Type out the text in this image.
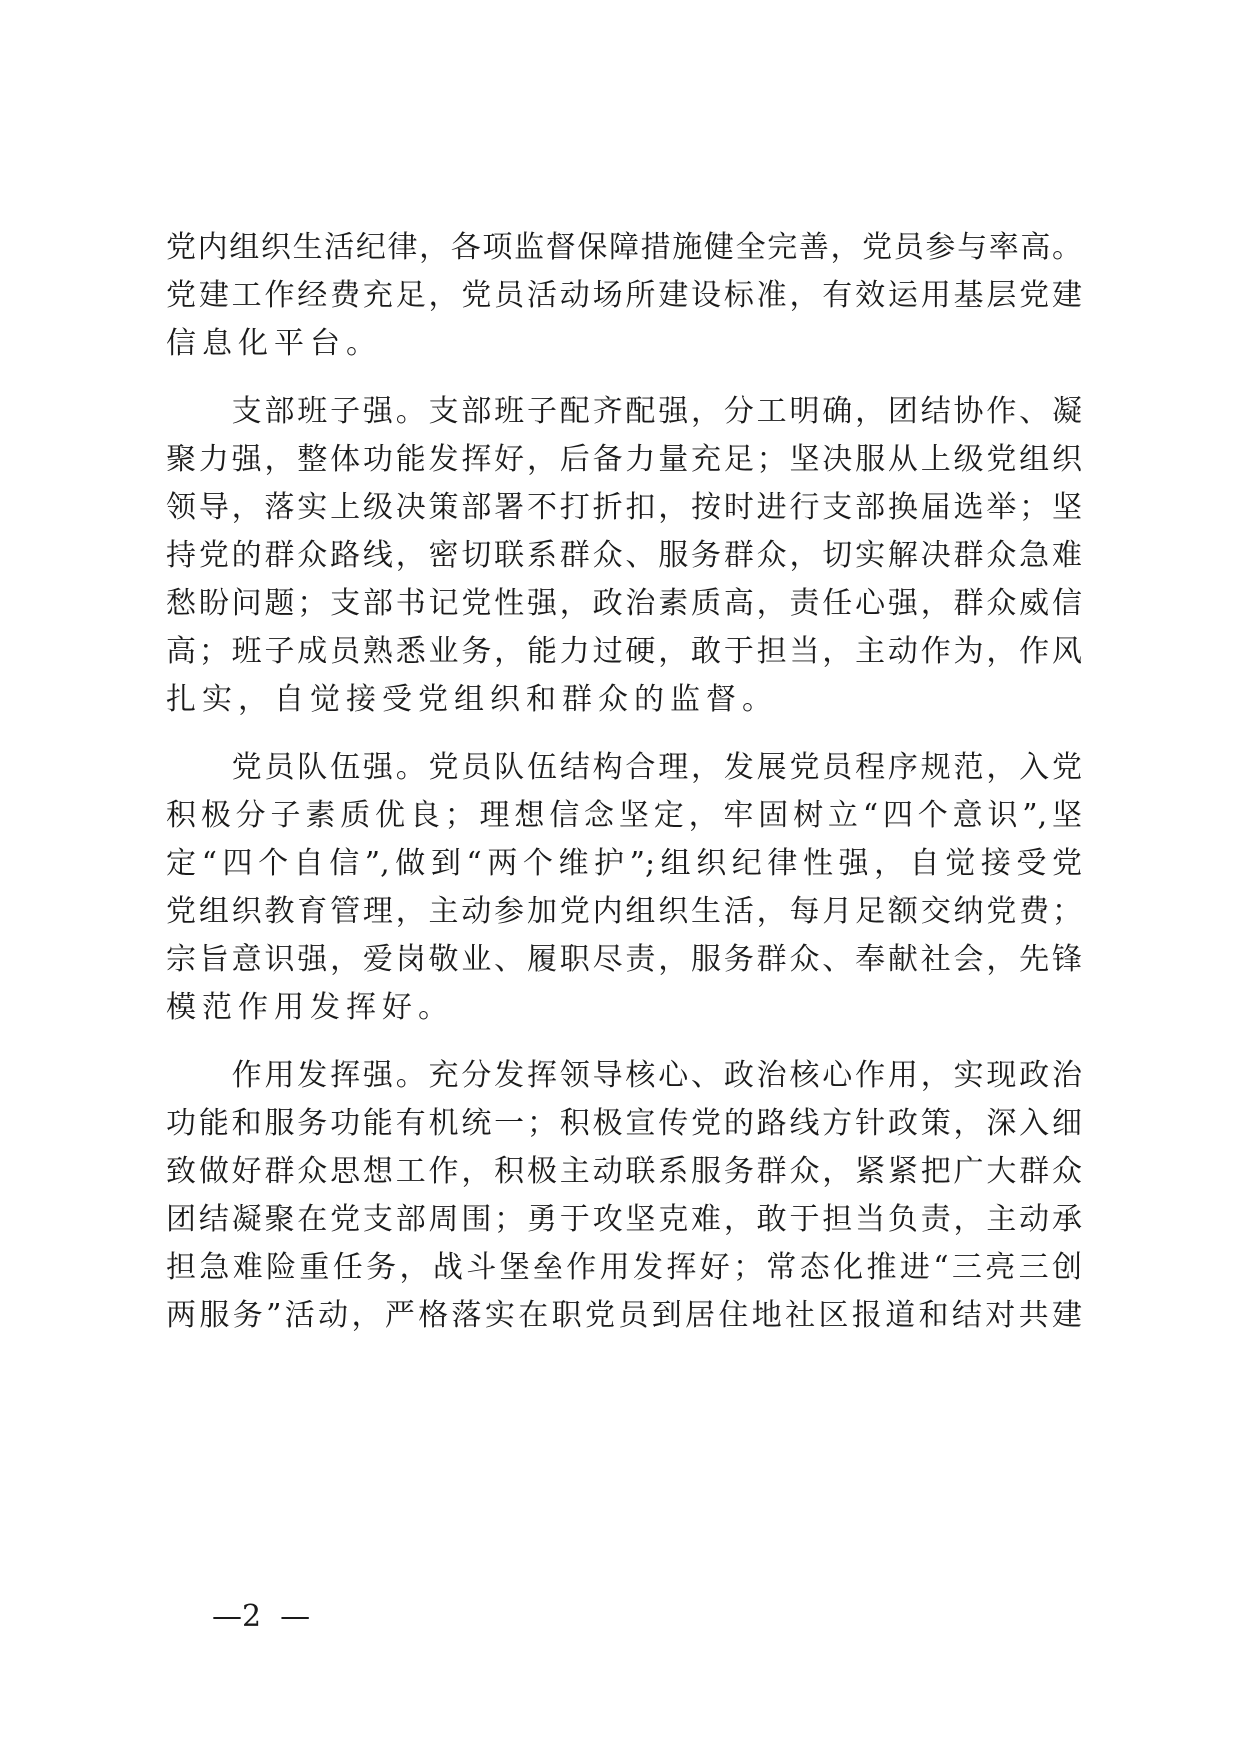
党内组织生活纪律，各项监督保障措施健全完善，党员参与率高。
党建工作经费充足，党员活动场所建设标准，有效运用基层党建
信息化平台。
　　支部班子强。支部班子配齐配强，分工明确，团结协作、凝
聚力强，整体功能发挥好，后备力量充足；坚决服从上级党组织
领导，落实上级决策部署不打折扣，按时进行支部换届选举；坚
持党的群众路线，密切联系群众、服务群众，切实解决群众急难
愁盼问题；支部书记党性强，政治素质高，责任心强，群众威信
高；班子成员熟悉业务，能力过硬，敢于担当，主动作为，作风
扎实，自觉接受党组织和群众的监督。
　　党员队伍强。党员队伍结构合理，发展党员程序规范，入党
积极分子素质优良；理想信念坚定，牢固树立“四个意识”,坚
定“四个自信”,做到“两个维护”;组织纪律性强，自觉接受党
党组织教育管理，主动参加党内组织生活，每月足额交纳党费；
宗旨意识强，爱岗敬业、履职尽责，服务群众、奉献社会，先锋
模范作用发挥好。
　　作用发挥强。充分发挥领导核心、政治核心作用，实现政治
功能和服务功能有机统一；积极宣传党的路线方针政策，深入细
致做好群众思想工作，积极主动联系服务群众，紧紧把广大群众
团结凝聚在党支部周围；勇于攻坚克难，敢于担当负责，主动承
担急难险重任务，战斗堡垒作用发挥好；常态化推进“三亮三创
两服务”活动，严格落实在职党员到居住地社区报道和结对共建
—2  —
